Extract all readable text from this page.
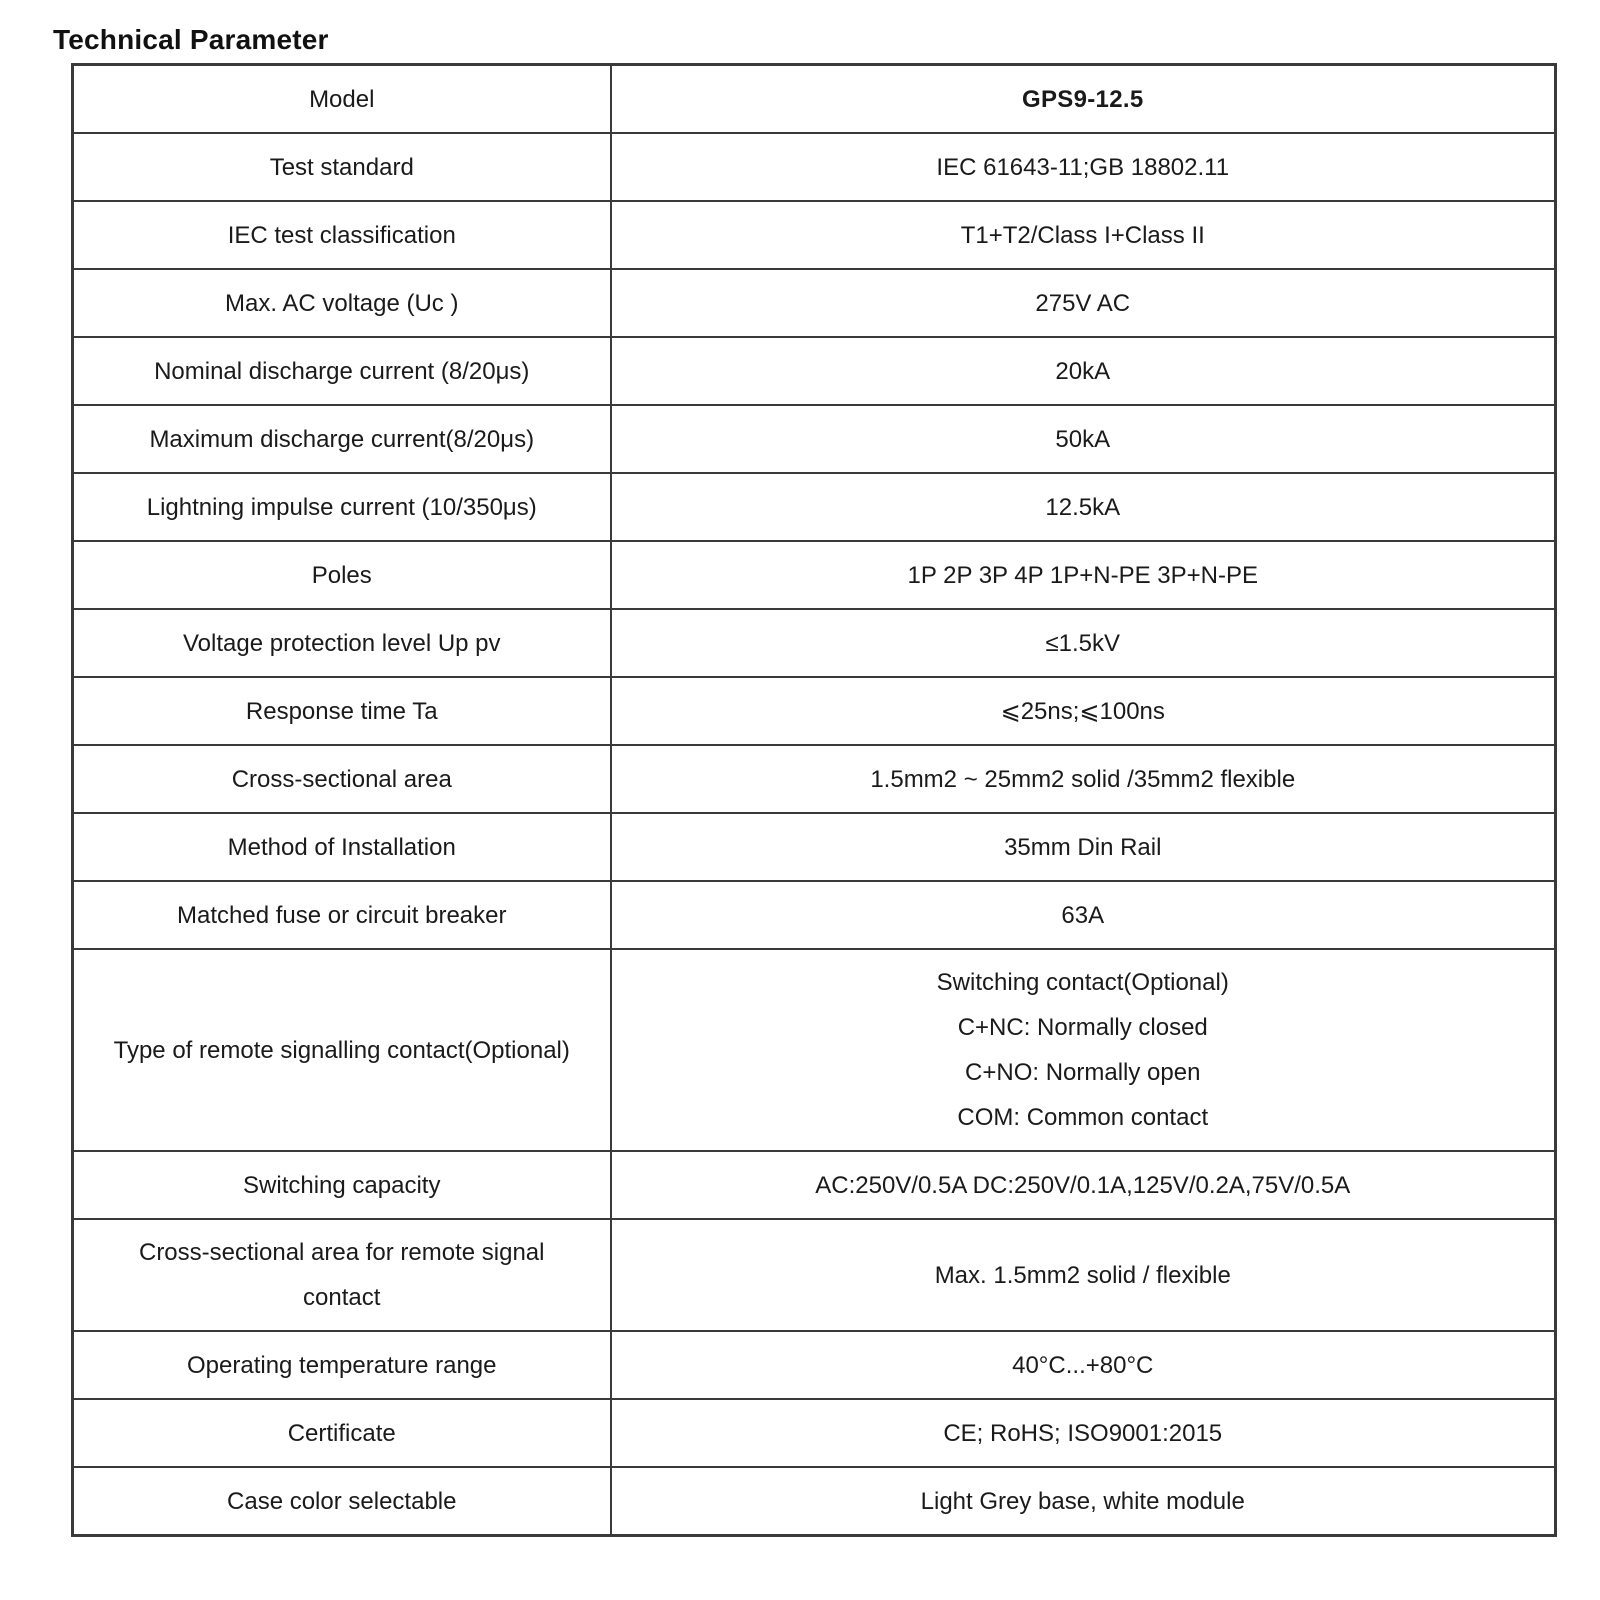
Technical Parameter
Model	GPS9-12.5
Test standard	IEC 61643-11;GB 18802.11
IEC test classification	T1+T2/Class I+Class II
Max. AC voltage (Uc )	275V AC
Nominal discharge current (8/20μs)	20kA
Maximum discharge current(8/20μs)	50kA
Lightning impulse current (10/350μs)	12.5kA
Poles	1P 2P 3P 4P 1P+N-PE 3P+N-PE
Voltage protection level Up pv	≤1.5kV
Response time Ta	⩽25ns;⩽100ns
Cross-sectional area	1.5mm2 ~ 25mm2 solid /35mm2 flexible
Method of Installation	35mm Din Rail
Matched fuse or circuit breaker	63A
Type of remote signalling contact(Optional)	Switching contact(Optional)
C+NC: Normally closed
C+NO: Normally open
COM: Common contact

Switching capacity	AC:250V/0.5A DC:250V/0.1A,125V/0.2A,75V/0.5A

Cross-sectional area for remote signal
contact	Max. 1.5mm2 solid / flexible
Operating temperature range	40°C...+80°C
Certificate	CE; RoHS; ISO9001:2015
Case color selectable	Light Grey base, white module
